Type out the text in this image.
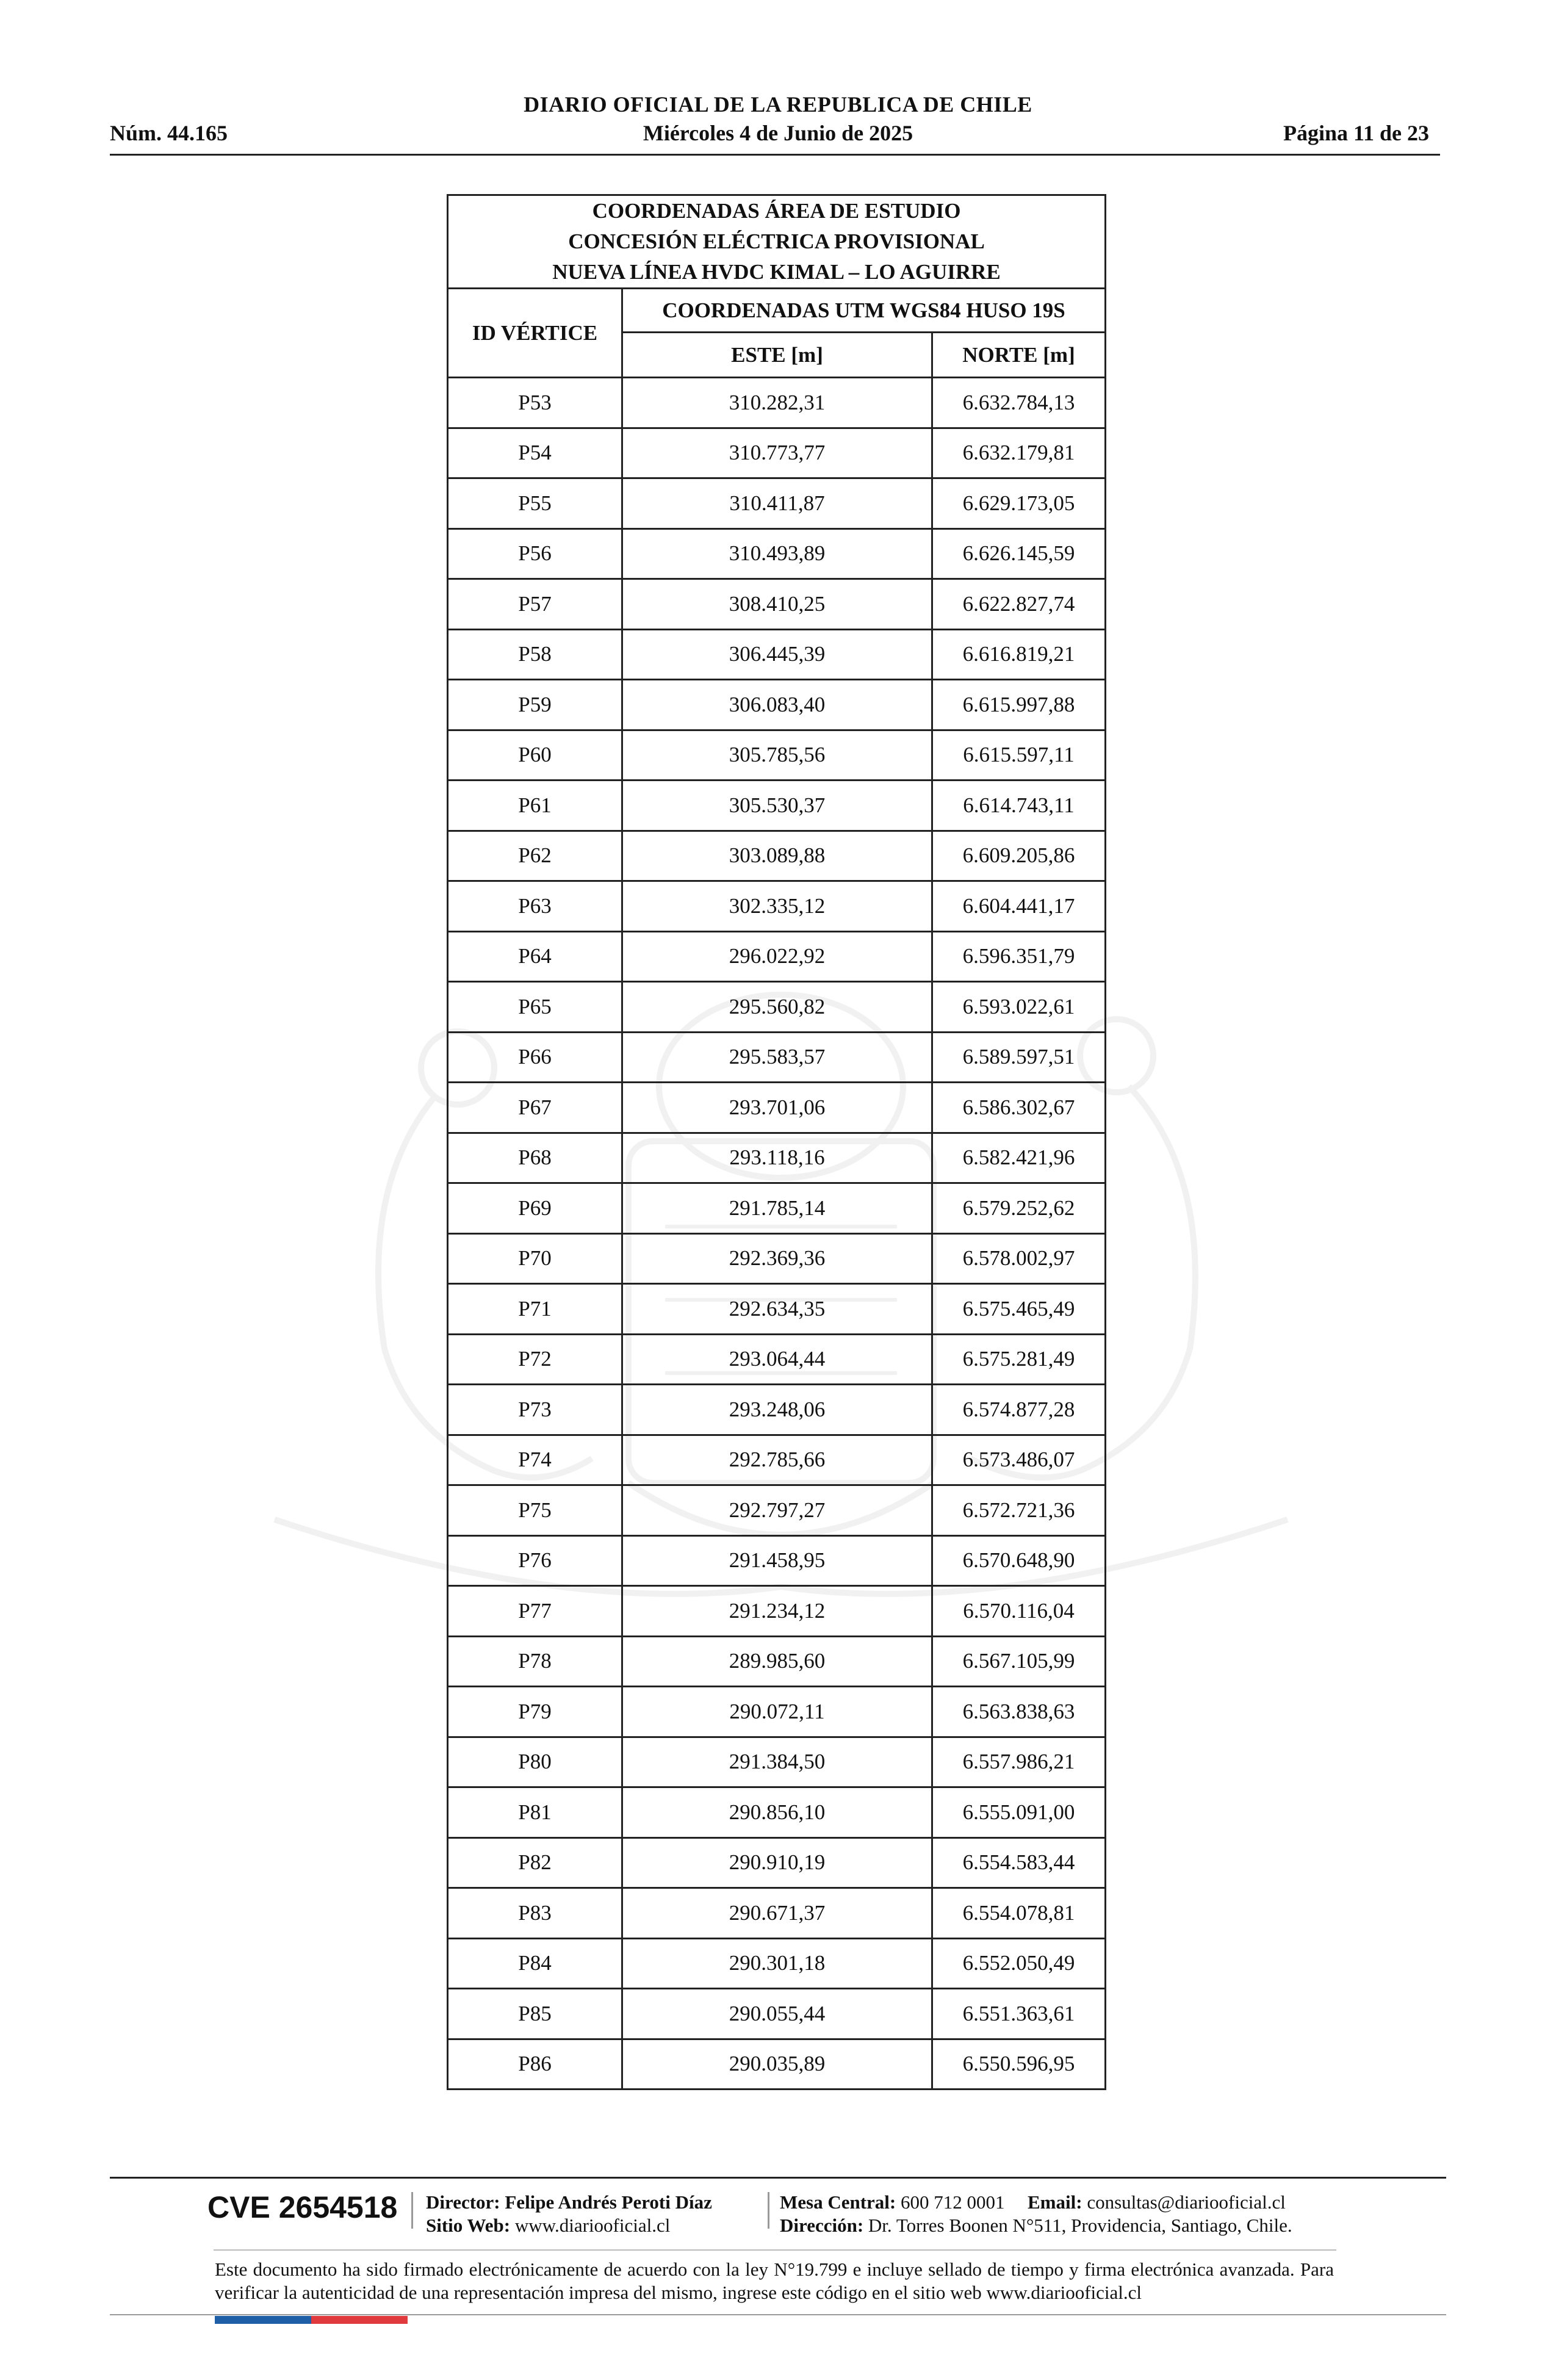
DIARIO OFICIAL DE LA REPUBLICA DE CHILE
Núm. 44.165	Miércoles 4 de Junio de 2025	Página 11 de 23
COORDENADAS ÁREA DE ESTUDIO
CONCESIÓN ELÉCTRICA PROVISIONAL
NUEVA LÍNEA HVDC KIMAL – LO AGUIRRE		

ID VÉRTICE	COORDENADAS UTM WGS84 HUSO 19S	
	ESTE [m]	NORTE [m]
P53	310.282,31	6.632.784,13
P54	310.773,77	6.632.179,81
P55	310.411,87	6.629.173,05
P56	310.493,89	6.626.145,59
P57	308.410,25	6.622.827,74
P58	306.445,39	6.616.819,21
P59	306.083,40	6.615.997,88
P60	305.785,56	6.615.597,11
P61	305.530,37	6.614.743,11
P62	303.089,88	6.609.205,86
P63	302.335,12	6.604.441,17
P64	296.022,92	6.596.351,79
P65	295.560,82	6.593.022,61
P66	295.583,57	6.589.597,51
P67	293.701,06	6.586.302,67
P68	293.118,16	6.582.421,96
P69	291.785,14	6.579.252,62
P70	292.369,36	6.578.002,97
P71	292.634,35	6.575.465,49
P72	293.064,44	6.575.281,49
P73	293.248,06	6.574.877,28
P74	292.785,66	6.573.486,07
P75	292.797,27	6.572.721,36
P76	291.458,95	6.570.648,90
P77	291.234,12	6.570.116,04
P78	289.985,60	6.567.105,99
P79	290.072,11	6.563.838,63
P80	291.384,50	6.557.986,21
P81	290.856,10	6.555.091,00
P82	290.910,19	6.554.583,44
P83	290.671,37	6.554.078,81
P84	290.301,18	6.552.050,49
P85	290.055,44	6.551.363,61
P86	290.035,89	6.550.596,95
CVE 2654518 Director: Felipe Andrés Peroti Díaz
Sitio Web: www.diariooficial.cl
Mesa Central: 600 712 0001 Email: consultas@diariooficial.cl
Dirección: Dr. Torres Boonen N°511, Providencia, Santiago, Chile.
Este documento ha sido firmado electrónicamente de acuerdo con la ley N°19.799 e incluye sellado de tiempo y firma electrónica avanzada. Para verificar la autenticidad de una representación impresa del mismo, ingrese este código en el sitio web www.diariooficial.cl
